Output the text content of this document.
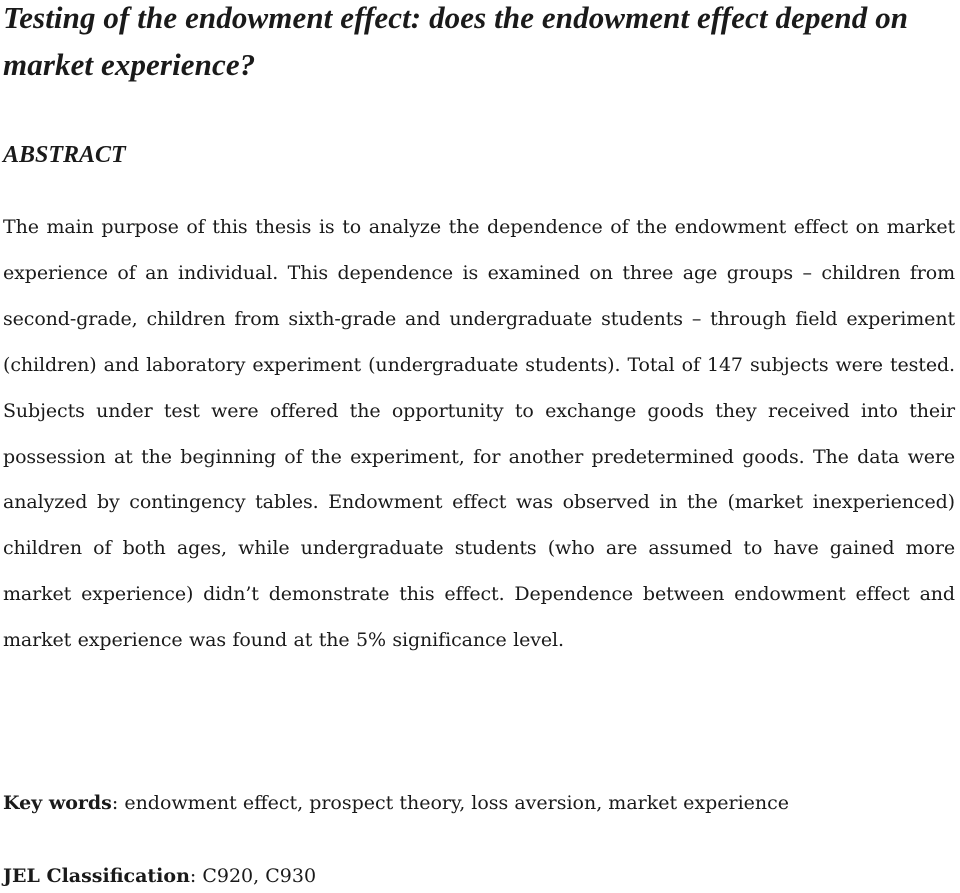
Testing of the endowment effect: does the endowment effect depend on market experience?
ABSTRACT

The main purpose of this thesis is to analyze the dependence of the endowment effect on market experience of an individual. This dependence is examined on three age groups – children from second-grade, children from sixth-grade and undergraduate students – through field experiment (children) and laboratory experiment (undergraduate students). Total of 147 subjects were tested. Subjects under test were offered the opportunity to exchange goods they received into their possession at the beginning of the experiment, for another predetermined goods. The data were analyzed by contingency tables. Endowment effect was observed in the (market inexperienced) children of both ages, while undergraduate students (who are assumed to have gained more market experience) didn’t demonstrate this effect. Dependence between endowment effect and market experience was found at the 5% significance level.

Key words: endowment effect, prospect theory, loss aversion, market experience

JEL Classification: C920, C930
